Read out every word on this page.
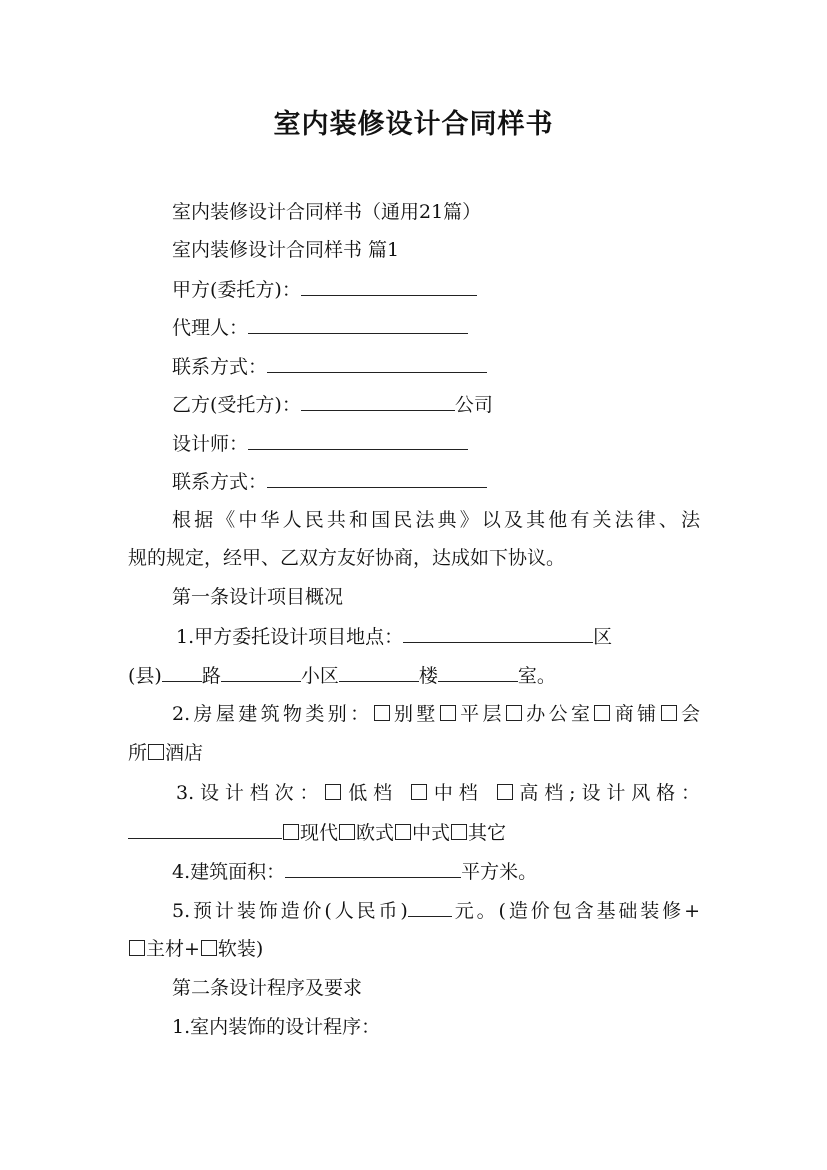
室内装修设计合同样书
室内装修设计合同样书（通用21篇）
室内装修设计合同样书 篇1
甲方(委托方)：
代理人：
联系方式：
乙方(受托方)：	公司
设计师：
联系方式：
根据《中华人民共和国民法典》以及其他有关法律、法
规的规定，经甲、乙双方友好协商，达成如下协议。
第一条设计项目概况
1.甲方委托设计项目地点：	区
(县) 路	小区	楼	室。
2.房屋建筑物类别： 别墅 平层 办公室 商铺 会
所 酒店
3.设计档次： 低档 中档 高档;设计风格：
现代 欧式 中式 其它
4.建筑面积：	平方米。
5.预计装饰造价(人民币) 元。(造价包含基础装修+
主材+ 软装)
第二条设计程序及要求
1.室内装饰的设计程序：
